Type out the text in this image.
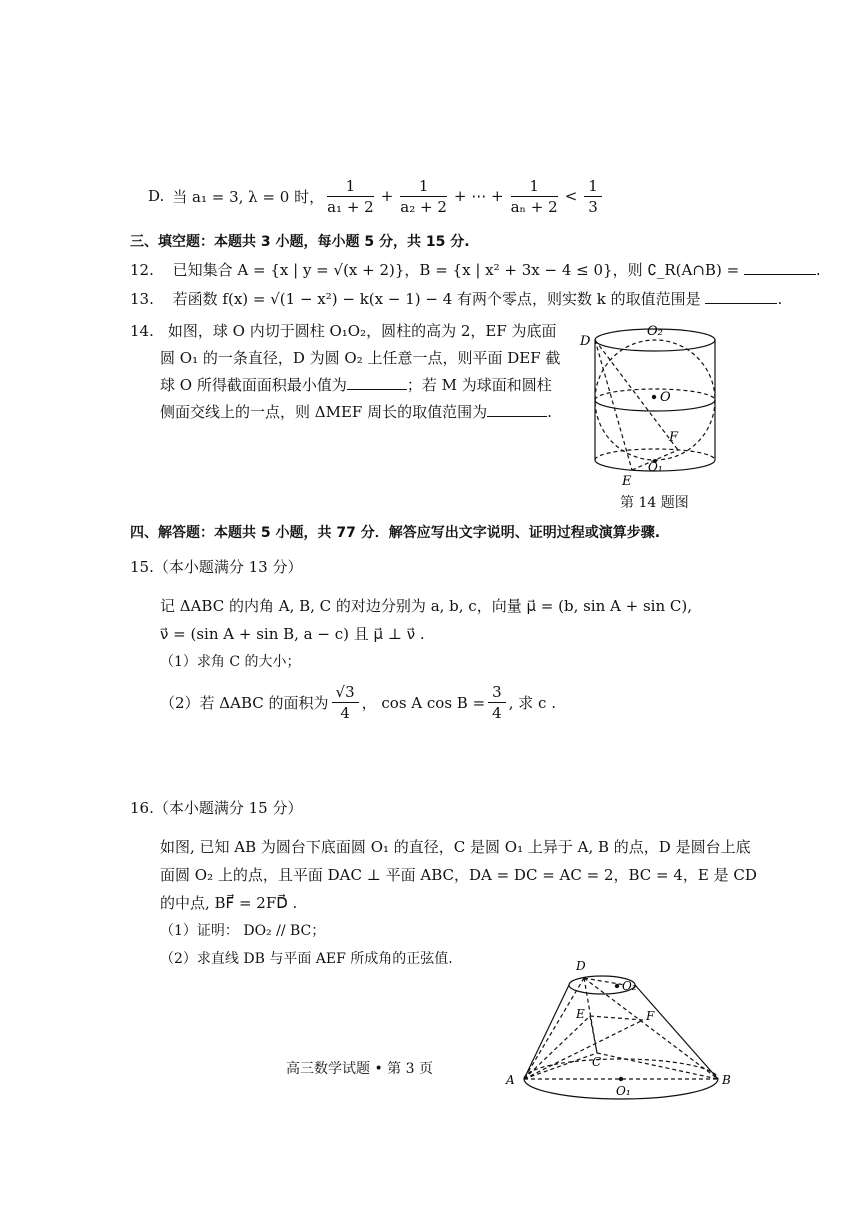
D. 当 a₁ = 3, λ = 0 时， $\frac{1}{\text{a₁ + 2}} + \frac{1}{\text{a₂ + 2}}$ + ⋯ + $\frac{1}{\text{aₙ + 2}} < \frac{1}{3}$
三、填空题：本题共 3 小题，每小题 5 分，共 15 分.
12. 已知集合 A = {x | y = √(x + 2)}，B = {x | x² + 3x − 4 ≤ 0}，则 ∁_R(A∩B) =	.
13. 若函数 f(x) = √(1 − x²) − k(x − 1) − 4 有两个零点，则实数 k 的取值范围是	.
14. 如图，球 O 内切于圆柱 O₁O₂，圆柱的高为 2，EF 为底面
圆 O₁ 的一条直径，D 为圆 O₂ 上任意一点，则平面 DEF 截
球 O 所得截面面积最小值为	；若 M 为球面和圆柱
侧面交线上的一点，则 ΔMEF 周长的取值范围为	.
O₂
D
O
F
O₁
E
第 14 题图
四、解答题：本题共 5 小题，共 77 分．解答应写出文字说明、证明过程或演算步骤.
15.（本小题满分 13 分）
记 ΔABC 的内角 A, B, C 的对边分别为 a, b, c，向量 μ⃗ = (b, sin A + sin C),
ν⃗ = (sin A + sin B, a − c) 且 μ⃗ ⊥ ν⃗ .
（1）求角 C 的大小；
（2）若 ΔABC 的面积为 $\frac{√3}{4}$ ， cos A $\cos B = \frac{3}{4}$ , 求 c .
16.（本小题满分 15 分）
如图, 已知 AB 为圆台下底面圆 O₁ 的直径，C 是圆 O₁ 上异于 A, B 的点，D 是圆台上底
面圆 O₂ 上的点，且平面 DAC ⊥ 平面 ABC，DA = DC = AC = 2，BC = 4，E 是 CD
的中点, BF⃗ = 2FD⃗ .
（1）证明： DO₂ // BC；
（2）求直线 DB 与平面 AEF 所成角的正弦值.	D
O₂
E	F
C
A	B
O₁
高三数学试题 • 第 3 页
